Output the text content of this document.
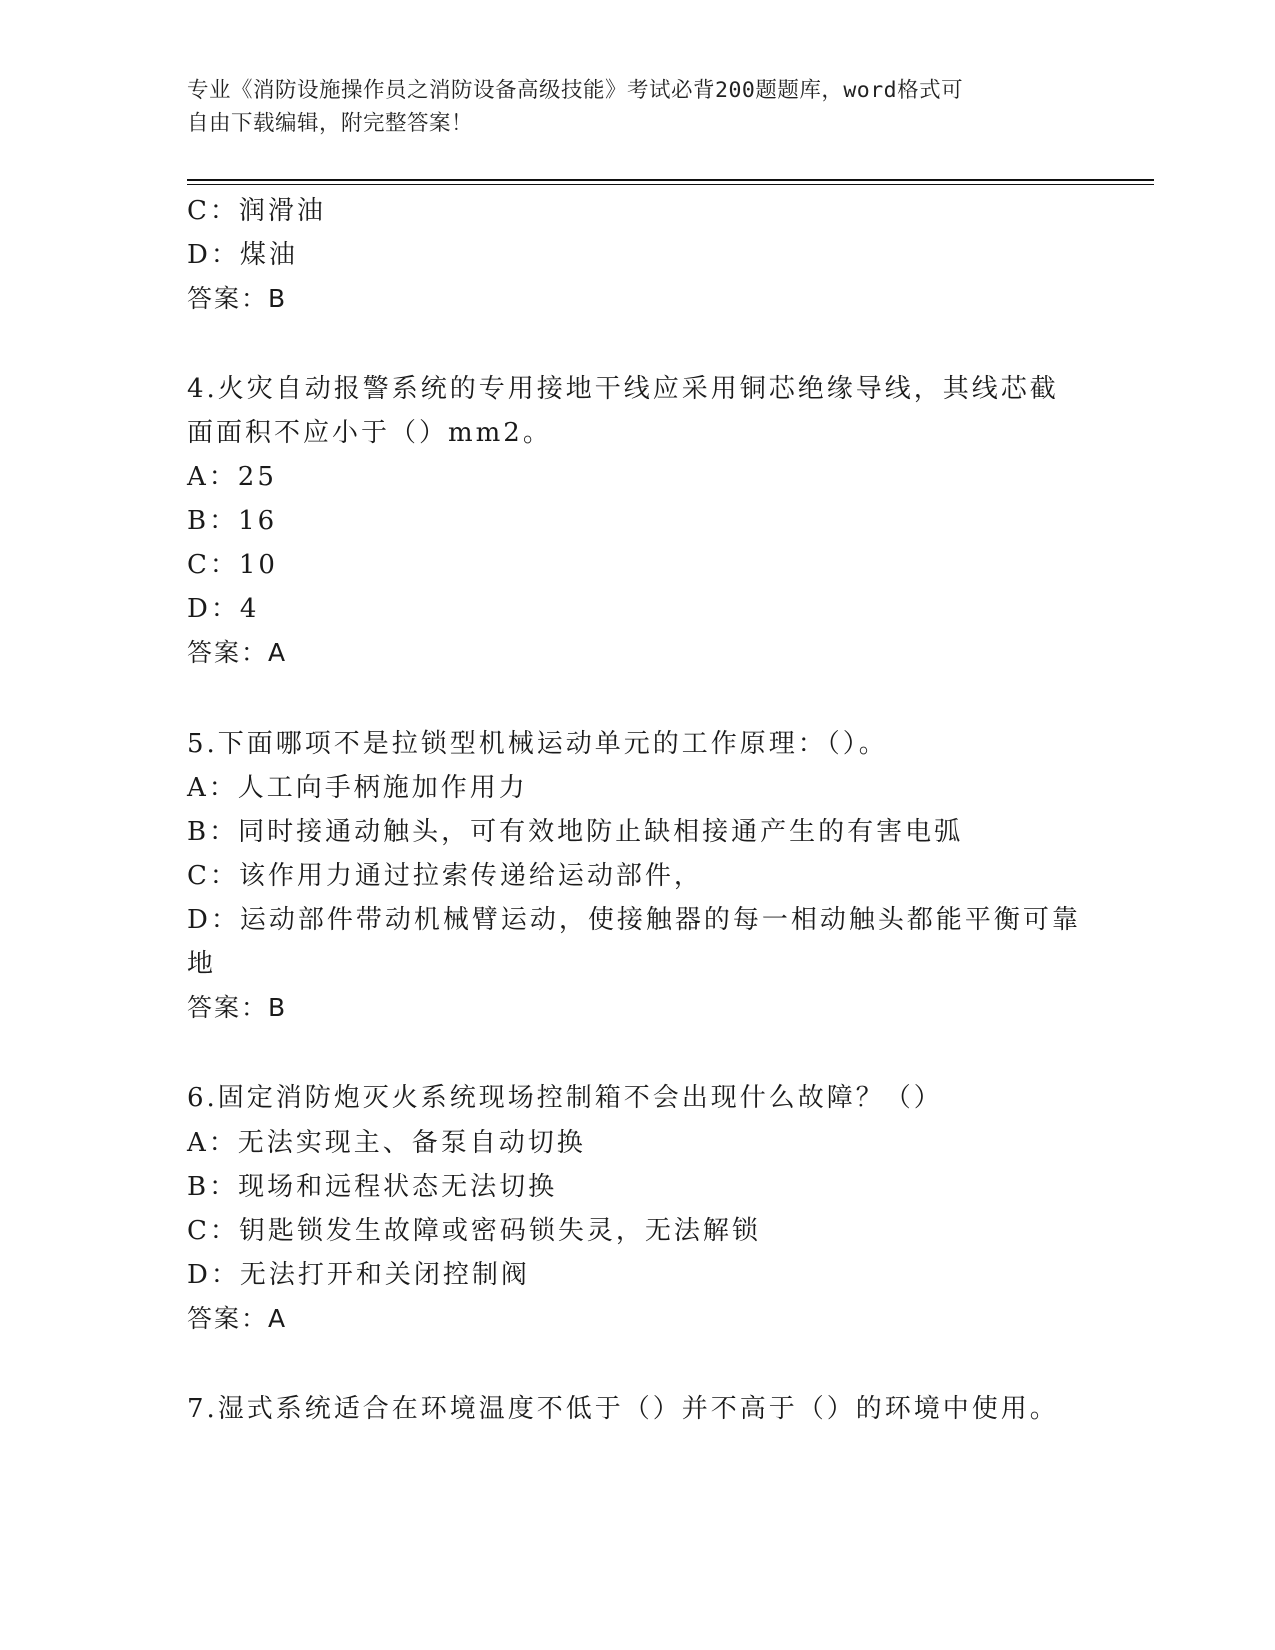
专业《消防设施操作员之消防设备高级技能》考试必背200题题库，word格式可
自由下载编辑，附完整答案！
C：润滑油
D：煤油
答案：B
4.火灾自动报警系统的专用接地干线应采用铜芯绝缘导线，其线芯截
面面积不应小于（）mm2。
A：25
B：16
C：10
D：4
答案：A
5.下面哪项不是拉锁型机械运动单元的工作原理：（）。
A：人工向手柄施加作用力
B：同时接通动触头，可有效地防止缺相接通产生的有害电弧
C：该作用力通过拉索传递给运动部件，
D：运动部件带动机械臂运动，使接触器的每一相动触头都能平衡可靠
地
答案：B
6.固定消防炮灭火系统现场控制箱不会出现什么故障？（）
A：无法实现主、备泵自动切换
B：现场和远程状态无法切换
C：钥匙锁发生故障或密码锁失灵，无法解锁
D：无法打开和关闭控制阀
答案：A
7.湿式系统适合在环境温度不低于（）并不高于（）的环境中使用。
